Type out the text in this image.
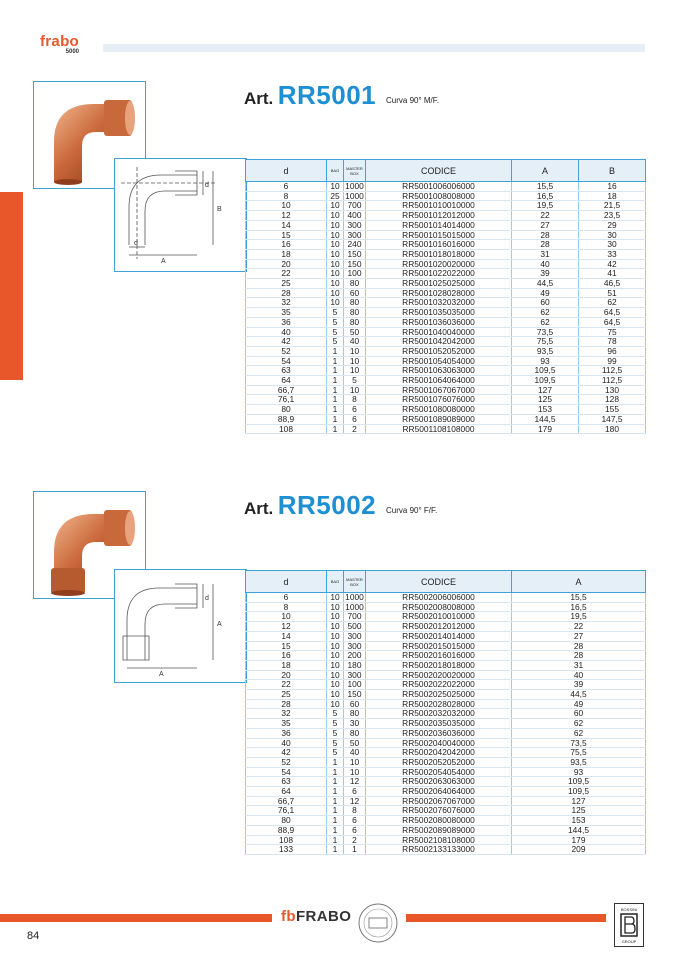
frabo
5000
A
B
d
d
Art. RR5001 Curva 90° M/F.
d	BAG	MASTER BOX	CODICE	A	B
6	10	1000	RR5001006006000	15,5	16
8	25	1000	RR5001008008000	16,5	18
10	10	700	RR5001010010000	19,5	21,5
12	10	400	RR5001012012000	22	23,5
14	10	300	RR5001014014000	27	29
15	10	300	RR5001015015000	28	30
16	10	240	RR5001016016000	28	30
18	10	150	RR5001018018000	31	33
20	10	150	RR5001020020000	40	42
22	10	100	RR5001022022000	39	41
25	10	80	RR5001025025000	44,5	46,5
28	10	60	RR5001028028000	49	51
32	10	80	RR5001032032000	60	62
35	5	80	RR5001035035000	62	64,5
36	5	80	RR5001036036000	62	64,5
40	5	50	RR5001040040000	73,5	75
42	5	40	RR5001042042000	75,5	78
52	1	10	RR5001052052000	93,5	96
54	1	10	RR5001054054000	93	99
63	1	10	RR5001063063000	109,5	112,5
64	1	5	RR5001064064000	109,5	112,5
66,7	1	10	RR5001067067000	127	130
76,1	1	8	RR5001076076000	125	128
80	1	6	RR5001080080000	153	155
88,9	1	6	RR5001089089000	144,5	147,5
108	1	2	RR5001108108000	179	180
A
A
d
Art. RR5002 Curva 90° F/F.
d	BAG	MASTER BOX	CODICE	A
6	10	1000	RR5002006006000	15,5
8	10	1000	RR5002008008000	16,5
10	10	700	RR5002010010000	19,5
12	10	500	RR5002012012000	22
14	10	300	RR5002014014000	27
15	10	300	RR5002015015000	28
16	10	200	RR5002016016000	28
18	10	180	RR5002018018000	31
20	10	300	RR5002020020000	40
22	10	100	RR5002022022000	39
25	10	150	RR5002025025000	44,5
28	10	60	RR5002028028000	49
32	5	80	RR5002032032000	60
35	5	30	RR5002035035000	62
36	5	80	RR5002036036000	62
40	5	50	RR5002040040000	73,5
42	5	40	RR5002042042000	75,5
52	1	10	RR5002052052000	93,5
54	1	10	RR5002054054000	93
63	1	12	RR5002063063000	109,5
64	1	6	RR5002064064000	109,5
66,7	1	12	RR5002067067000	127
76,1	1	8	RR5002076076000	125
80	1	6	RR5002080080000	153
88,9	1	6	RR5002089089000	144,5
108	1	2	RR5002108108000	179
133	1	1	RR5002133133000	209
84
fbFRABO	BOSSINI
GROUP
